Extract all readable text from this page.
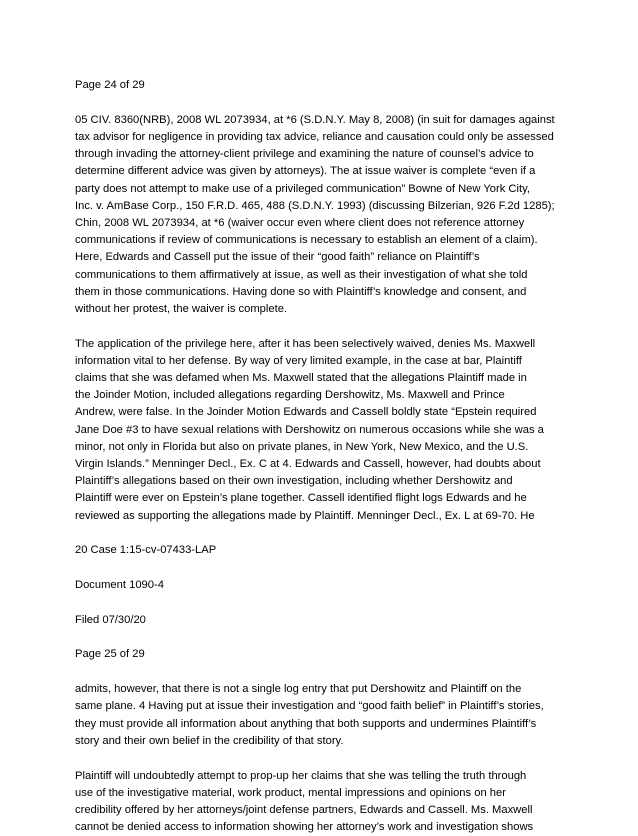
Page 24 of 29
05 CIV. 8360(NRB), 2008 WL 2073934, at *6 (S.D.N.Y. May 8, 2008) (in suit for damages against
tax advisor for negligence in providing tax advice, reliance and causation could only be assessed
through invading the attorney-client privilege and examining the nature of counsel’s advice to
determine different advice was given by attorneys). The at issue waiver is complete “even if a
party does not attempt to make use of a privileged communication” Bowne of New York City,
Inc. v. AmBase Corp., 150 F.R.D. 465, 488 (S.D.N.Y. 1993) (discussing Bilzerian, 926 F.2d 1285);
Chin, 2008 WL 2073934, at *6 (waiver occur even where client does not reference attorney
communications if review of communications is necessary to establish an element of a claim).
Here, Edwards and Cassell put the issue of their “good faith” reliance on Plaintiff’s
communications to them affirmatively at issue, as well as their investigation of what she told
them in those communications. Having done so with Plaintiff’s knowledge and consent, and
without her protest, the waiver is complete.
The application of the privilege here, after it has been selectively waived, denies Ms. Maxwell
information vital to her defense. By way of very limited example, in the case at bar, Plaintiff
claims that she was defamed when Ms. Maxwell stated that the allegations Plaintiff made in
the Joinder Motion, included allegations regarding Dershowitz, Ms. Maxwell and Prince
Andrew, were false. In the Joinder Motion Edwards and Cassell boldly state “Epstein required
Jane Doe #3 to have sexual relations with Dershowitz on numerous occasions while she was a
minor, not only in Florida but also on private planes, in New York, New Mexico, and the U.S.
Virgin Islands.” Menninger Decl., Ex. C at 4. Edwards and Cassell, however, had doubts about
Plaintiff’s allegations based on their own investigation, including whether Dershowitz and
Plaintiff were ever on Epstein’s plane together. Cassell identified flight logs Edwards and he
reviewed as supporting the allegations made by Plaintiff. Menninger Decl., Ex. L at 69-70. He
20 Case 1:15-cv-07433-LAP
Document 1090-4
Filed 07/30/20
Page 25 of 29
admits, however, that there is not a single log entry that put Dershowitz and Plaintiff on the
same plane. 4 Having put at issue their investigation and “good faith belief” in Plaintiff’s stories,
they must provide all information about anything that both supports and undermines Plaintiff’s
story and their own belief in the credibility of that story.
Plaintiff will undoubtedly attempt to prop-up her claims that she was telling the truth through
use of the investigative material, work product, mental impressions and opinions on her
credibility offered by her attorneys/joint defense partners, Edwards and Cassell. Ms. Maxwell
cannot be denied access to information showing her attorney’s work and investigation shows
